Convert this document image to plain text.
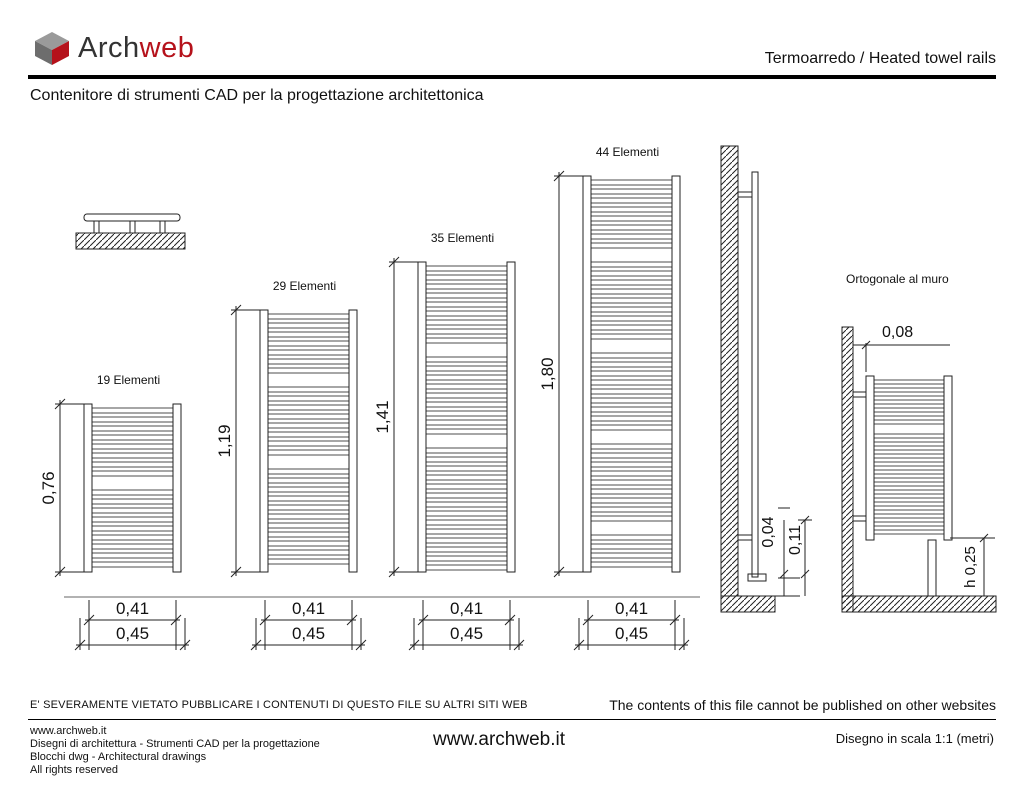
Archweb	Termoarredo / Heated towel rails
Contenitore di strumenti CAD per la progettazione architettonica
19 Elementi
0,76
0,41
0,45
29 Elementi
1,19
0,41
0,45
35 Elementi
1,41
0,41
0,45
44 Elementi
1,80
0,41
0,45
0,04 0,11
Ortogonale al muro
0,08
h 0,25
E' SEVERAMENTE VIETATO PUBBLICARE I CONTENUTI DI QUESTO FILE SU ALTRI SITI WEB	The contents of this file cannot be published on other websites
www.archweb.it
Disegni di architettura - Strumenti CAD per la progettazione
Blocchi dwg - Architectural drawings
All rights reserved
www.archweb.it	Disegno in scala 1:1 (metri)
